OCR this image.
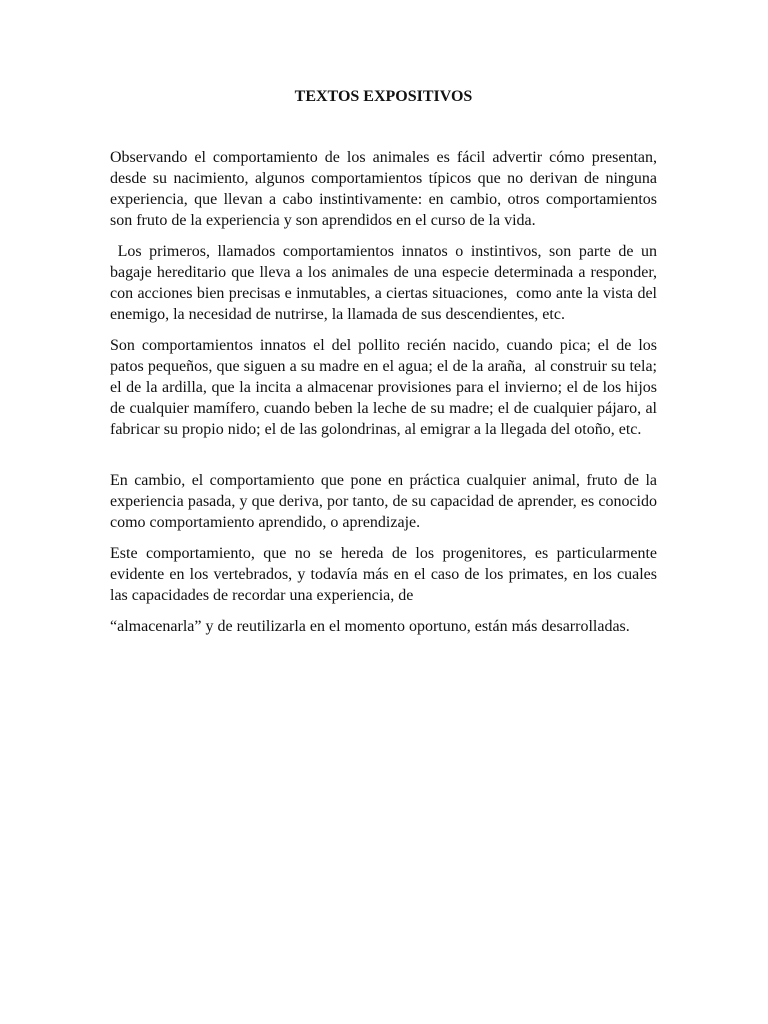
TEXTOS EXPOSITIVOS

Observando el comportamiento de los animales es fácil advertir cómo presentan, desde su nacimiento, algunos comportamientos típicos que no derivan de ninguna experiencia, que llevan a cabo instintivamente: en cambio, otros comportamientos son fruto de la experiencia y son aprendidos en el curso de la vida.

Los primeros, llamados comportamientos innatos o instintivos, son parte de un bagaje hereditario que lleva a los animales de una especie determinada a responder, con acciones bien precisas e inmutables, a ciertas situaciones,  como ante la vista del enemigo, la necesidad de nutrirse, la llamada de sus descendientes, etc.

Son comportamientos innatos el del pollito recién nacido, cuando pica; el de los patos pequeños, que siguen a su madre en el agua; el de la araña,  al construir su tela; el de la ardilla, que la incita a almacenar provisiones para el invierno; el de los hijos de cualquier mamífero, cuando beben la leche de su madre; el de cualquier pájaro, al fabricar su propio nido; el de las golondrinas, al emigrar a la llegada del otoño, etc.

En cambio, el comportamiento que pone en práctica cualquier animal, fruto de la experiencia pasada, y que deriva, por tanto, de su capacidad de aprender, es conocido como comportamiento aprendido, o aprendizaje.

Este comportamiento, que no se hereda de los progenitores, es particularmente evidente en los vertebrados, y todavía más en el caso de los primates, en los cuales las capacidades de recordar una experiencia, de

“almacenarla” y de reutilizarla en el momento oportuno, están más desarrolladas.
